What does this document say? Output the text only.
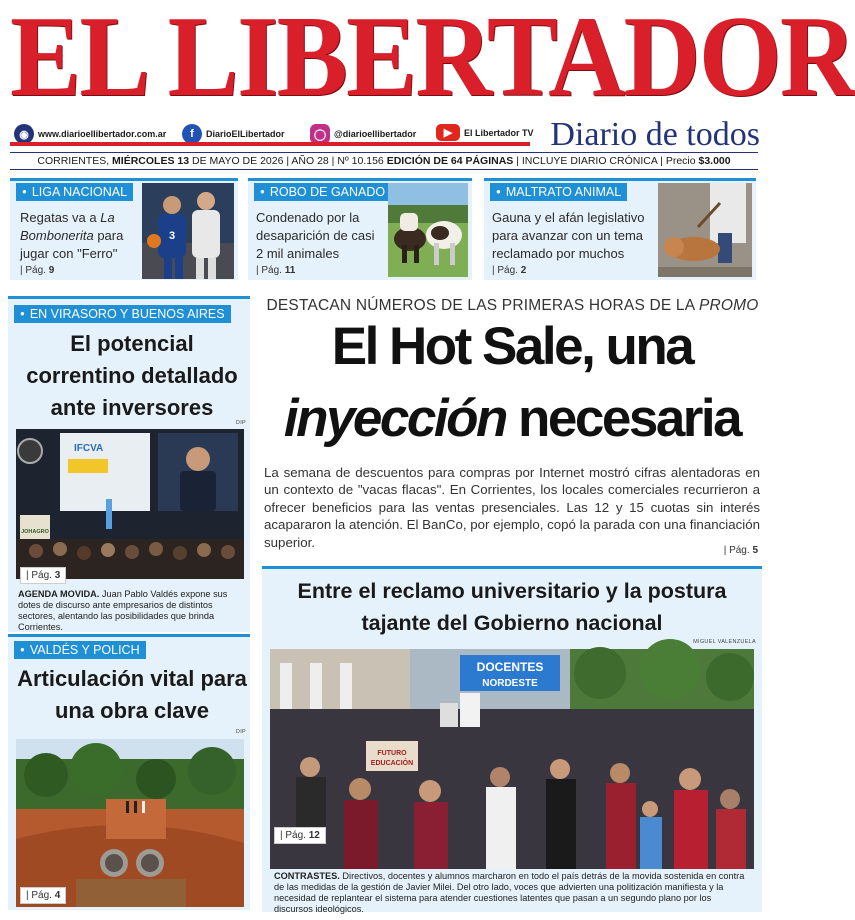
EL LIBERTADOR
◉	www.diarioellibertador.com.ar	f	DiarioElLibertador	◯ @diarioellibertador	▶	El Libertador TV Diario de todos
CORRIENTES, MIÉRCOLES 13 DE MAYO DE 2026 | AÑO 28 | Nº 10.156 EDICIÓN DE 64 PÁGINAS | INCLUYE DIARIO CRÓNICA | Precio $3.000
● LIGA NACIONAL
Regatas va a La Bombonerita para jugar con "Ferro"
| Pág. 9
3
● ROBO DE GANADO
Condenado por la desaparición de casi 2 mil animales
| Pág. 11
● MALTRATO ANIMAL
Gauna y el afán legislativo para avanzar con un tema reclamado por muchos
| Pág. 2
● EN VIRASORO Y BUENOS AIRES
El potencial correntino detallado ante inversores
DIP
IFCVA
JOHAGRO
| Pág. 3
AGENDA MOVIDA. Juan Pablo Valdés expone sus dotes de discurso ante empresarios de distintos sectores, alentando las posibilidades que brinda Corrientes.
● VALDÉS Y POLICH
Articulación vital para una obra clave
DIP
| Pág. 4
DESTACAN NÚMEROS DE LAS PRIMERAS HORAS DE LA PROMO
El Hot Sale, una
inyección necesaria
La semana de descuentos para compras por Internet mostró cifras alentadoras en un contexto de "vacas flacas". En Corrientes, los locales comerciales recurrieron a ofrecer beneficios para las ventas presenciales. Las 12 y 15 cuotas sin interés acapararon la atención. El BanCo, por ejemplo, copó la parada con una financiación superior.
| Pág. 5
Entre el reclamo universitario y la postura tajante del Gobierno nacional
MIGUEL VALENZUELA
DOCENTES
NORDESTE
FUTURO
EDUCACIÓN
| Pág. 12
CONTRASTES. Directivos, docentes y alumnos marcharon en todo el país detrás de la movida sostenida en contra de las medidas de la gestión de Javier Milei. Del otro lado, voces que advierten una politización manifiesta y la necesidad de replantear el sistema para atender cuestiones latentes que pasan a un segundo plano por los discursos ideológicos.
